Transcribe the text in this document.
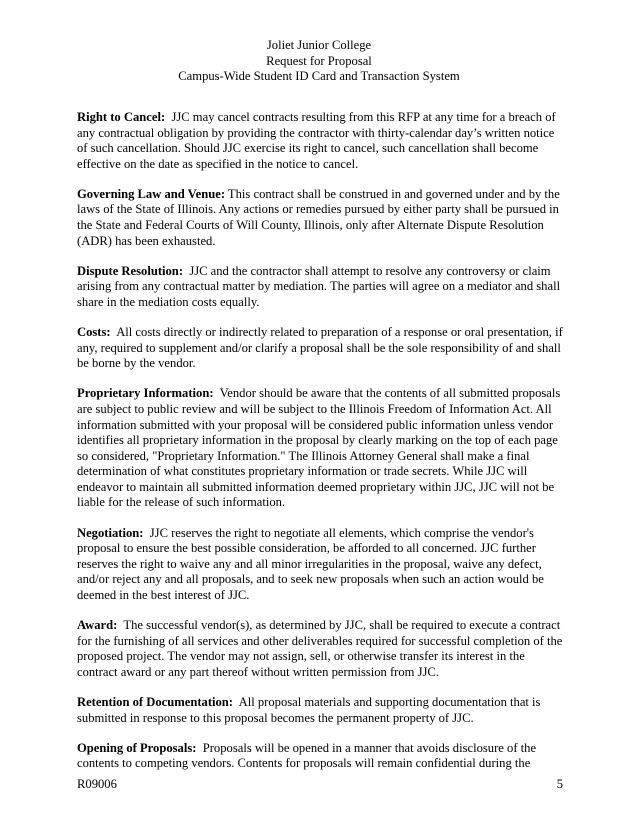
Joliet Junior College
Request for Proposal
Campus-Wide Student ID Card and Transaction System
Right to Cancel:  JJC may cancel contracts resulting from this RFP at any time for a breach of
any contractual obligation by providing the contractor with thirty-calendar day’s written notice
of such cancellation. Should JJC exercise its right to cancel, such cancellation shall become
effective on the date as specified in the notice to cancel.
Governing Law and Venue: This contract shall be construed in and governed under and by the
laws of the State of Illinois. Any actions or remedies pursued by either party shall be pursued in
the State and Federal Courts of Will County, Illinois, only after Alternate Dispute Resolution
(ADR) has been exhausted.
Dispute Resolution:  JJC and the contractor shall attempt to resolve any controversy or claim
arising from any contractual matter by mediation. The parties will agree on a mediator and shall
share in the mediation costs equally.
Costs:  All costs directly or indirectly related to preparation of a response or oral presentation, if
any, required to supplement and/or clarify a proposal shall be the sole responsibility of and shall
be borne by the vendor.
Proprietary Information:  Vendor should be aware that the contents of all submitted proposals
are subject to public review and will be subject to the Illinois Freedom of Information Act. All
information submitted with your proposal will be considered public information unless vendor
identifies all proprietary information in the proposal by clearly marking on the top of each page
so considered, "Proprietary Information." The Illinois Attorney General shall make a final
determination of what constitutes proprietary information or trade secrets. While JJC will
endeavor to maintain all submitted information deemed proprietary within JJC, JJC will not be
liable for the release of such information.
Negotiation:  JJC reserves the right to negotiate all elements, which comprise the vendor's
proposal to ensure the best possible consideration, be afforded to all concerned. JJC further
reserves the right to waive any and all minor irregularities in the proposal, waive any defect,
and/or reject any and all proposals, and to seek new proposals when such an action would be
deemed in the best interest of JJC.
Award:  The successful vendor(s), as determined by JJC, shall be required to execute a contract
for the furnishing of all services and other deliverables required for successful completion of the
proposed project. The vendor may not assign, sell, or otherwise transfer its interest in the
contract award or any part thereof without written permission from JJC.
Retention of Documentation:  All proposal materials and supporting documentation that is
submitted in response to this proposal becomes the permanent property of JJC.
Opening of Proposals:  Proposals will be opened in a manner that avoids disclosure of the
contents to competing vendors. Contents for proposals will remain confidential during the
R09006	5
